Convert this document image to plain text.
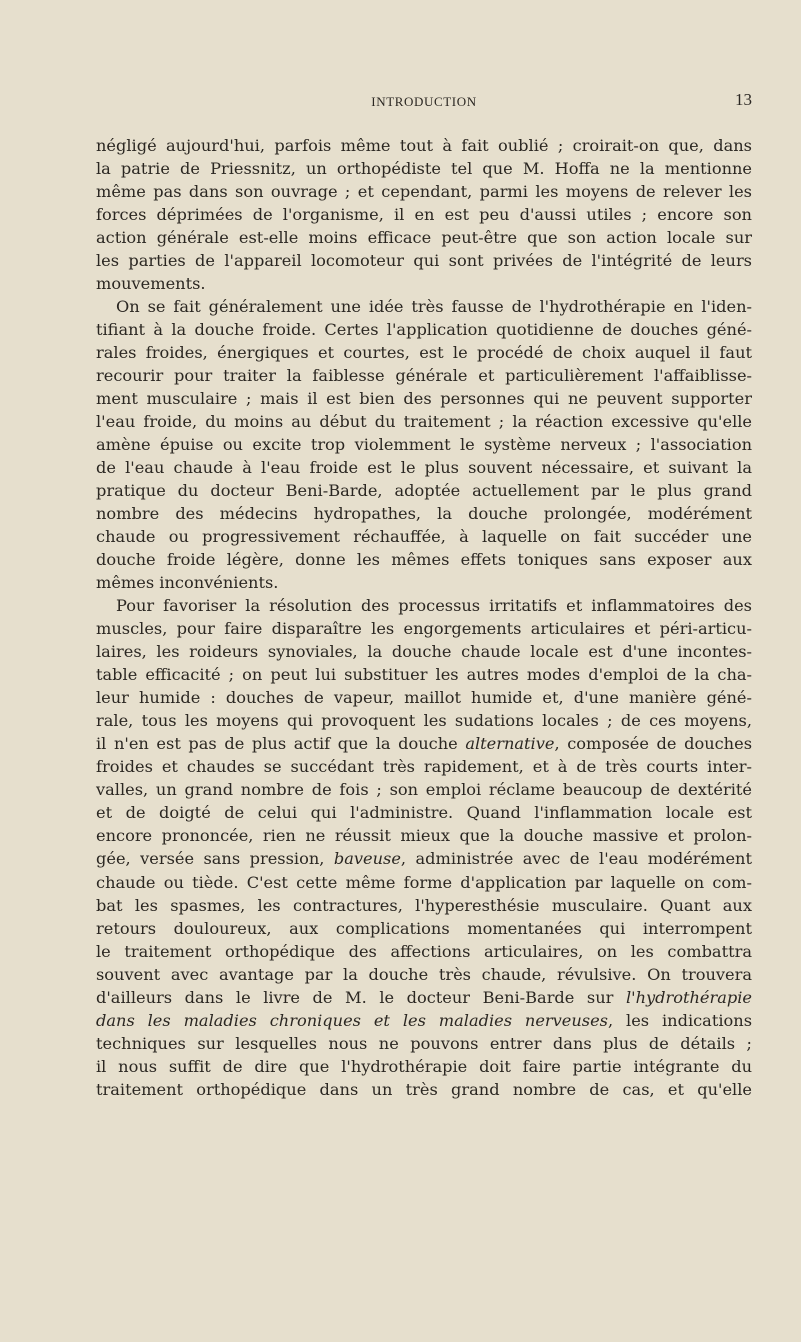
INTRODUCTION	13
négligé aujourd'hui, parfois même tout à fait oublié ; croirait-on que, dans
la patrie de Priessnitz, un orthopédiste tel que M. Hoffa ne la mentionne
même pas dans son ouvrage ; et cependant, parmi les moyens de relever les
forces déprimées de l'organisme, il en est peu d'aussi utiles ; encore son
action générale est-elle moins efficace peut-être que son action locale sur
les parties de l'appareil locomoteur qui sont privées de l'intégrité de leurs
mouvements.
On se fait généralement une idée très fausse de l'hydrothérapie en l'iden-
tifiant à la douche froide. Certes l'application quotidienne de douches géné-
rales froides, énergiques et courtes, est le procédé de choix auquel il faut
recourir pour traiter la faiblesse générale et particulièrement l'affaiblisse-
ment musculaire ; mais il est bien des personnes qui ne peuvent supporter
l'eau froide, du moins au début du traitement ; la réaction excessive qu'elle
amène épuise ou excite trop violemment le système nerveux ; l'association
de l'eau chaude à l'eau froide est le plus souvent nécessaire, et suivant la
pratique du docteur Beni-Barde, adoptée actuellement par le plus grand
nombre des médecins hydropathes, la douche prolongée, modérément
chaude ou progressivement réchauffée, à laquelle on fait succéder une
douche froide légère, donne les mêmes effets toniques sans exposer aux
mêmes inconvénients.
Pour favoriser la résolution des processus irritatifs et inflammatoires des
muscles, pour faire disparaître les engorgements articulaires et péri-articu-
laires, les roideurs synoviales, la douche chaude locale est d'une incontes-
table efficacité ; on peut lui substituer les autres modes d'emploi de la cha-
leur humide : douches de vapeur, maillot humide et, d'une manière géné-
rale, tous les moyens qui provoquent les sudations locales ; de ces moyens,
il n'en est pas de plus actif que la douche alternative, composée de douches
froides et chaudes se succédant très rapidement, et à de très courts inter-
valles, un grand nombre de fois ; son emploi réclame beaucoup de dextérité
et de doigté de celui qui l'administre. Quand l'inflammation locale est
encore prononcée, rien ne réussit mieux que la douche massive et prolon-
gée, versée sans pression, baveuse, administrée avec de l'eau modérément
chaude ou tiède. C'est cette même forme d'application par laquelle on com-
bat les spasmes, les contractures, l'hyperesthésie musculaire. Quant aux
retours douloureux, aux complications momentanées qui interrompent
le traitement orthopédique des affections articulaires, on les combattra
souvent avec avantage par la douche très chaude, révulsive. On trouvera
d'ailleurs dans le livre de M. le docteur Beni-Barde sur l'hydrothérapie
dans les maladies chroniques et les maladies nerveuses, les indications
techniques sur lesquelles nous ne pouvons entrer dans plus de détails ;
il nous suffit de dire que l'hydrothérapie doit faire partie intégrante du
traitement orthopédique dans un très grand nombre de cas, et qu'elle
